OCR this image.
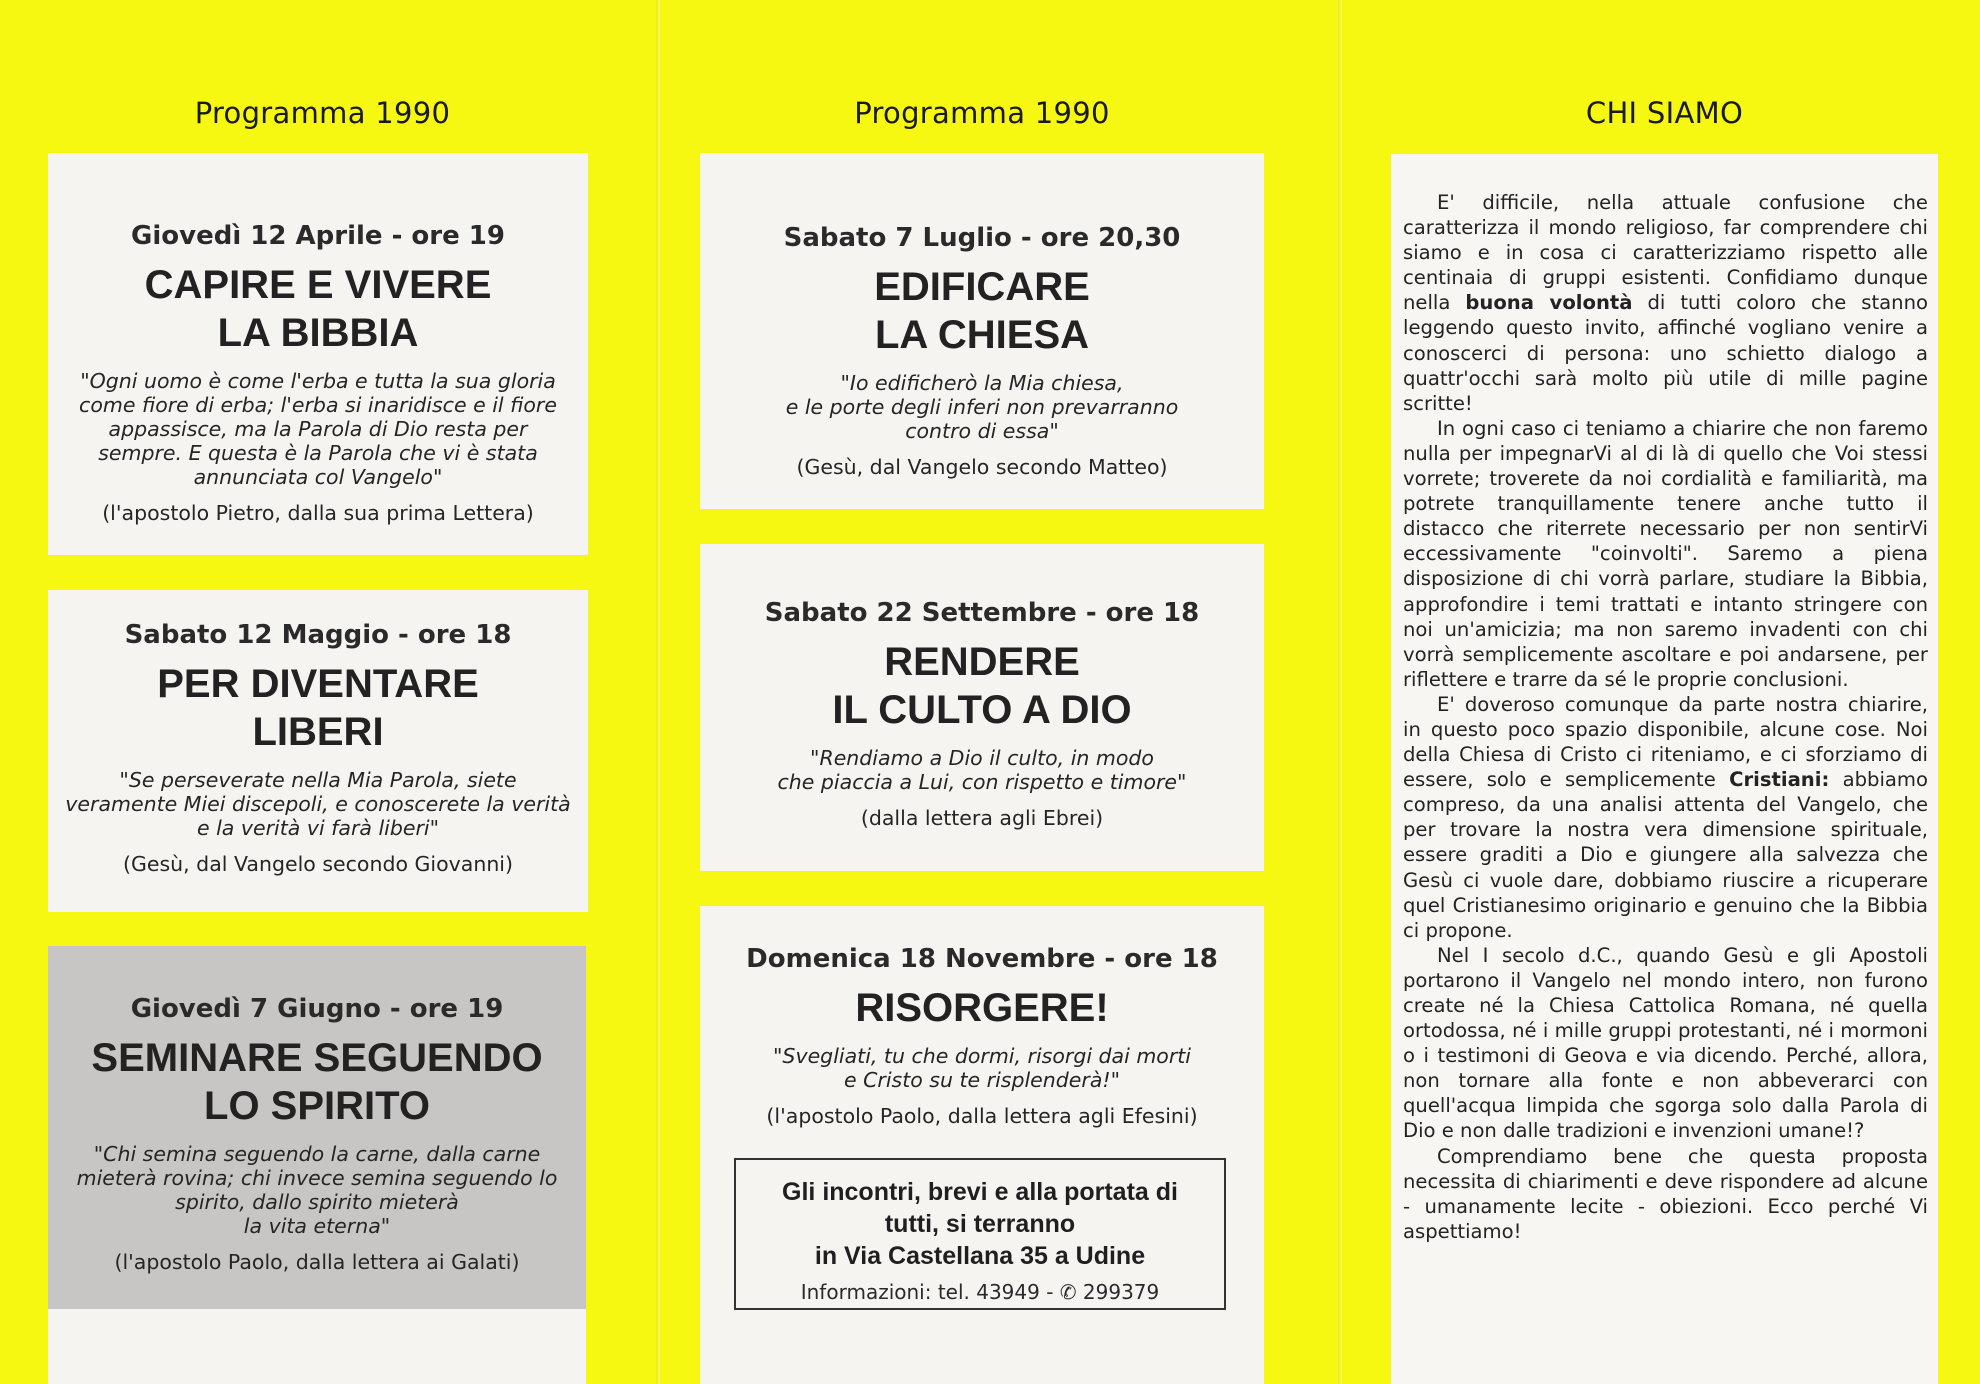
Programma 1990	Programma 1990	CHI SIAMO
Giovedì 12 Aprile - ore 19
CAPIRE E VIVERE
LA BIBBIA
"Ogni uomo è come l'erba e tutta la sua gloria
come fiore di erba; l'erba si inaridisce e il fiore
appassisce, ma la Parola di Dio resta per
sempre. E questa è la Parola che vi è stata
annunciata col Vangelo"
(l'apostolo Pietro, dalla sua prima Lettera)
Sabato 12 Maggio - ore 18
PER DIVENTARE
LIBERI
"Se perseverate nella Mia Parola, siete
veramente Miei discepoli, e conoscerete la verità
e la verità vi farà liberi"
(Gesù, dal Vangelo secondo Giovanni)
Giovedì 7 Giugno - ore 19
SEMINARE SEGUENDO
LO SPIRITO
"Chi semina seguendo la carne, dalla carne
mieterà rovina; chi invece semina seguendo lo
spirito, dallo spirito mieterà
la vita eterna"
(l'apostolo Paolo, dalla lettera ai Galati)
Sabato 7 Luglio - ore 20,30
EDIFICARE
LA CHIESA
"Io edificherò la Mia chiesa,
e le porte degli inferi non prevarranno
contro di essa"
(Gesù, dal Vangelo secondo Matteo)
Sabato 22 Settembre - ore 18
RENDERE
IL CULTO A DIO
"Rendiamo a Dio il culto, in modo
che piaccia a Lui, con rispetto e timore"
(dalla lettera agli Ebrei)
Domenica 18 Novembre - ore 18
RISORGERE!
"Svegliati, tu che dormi, risorgi dai morti
e Cristo su te risplenderà!"
(l'apostolo Paolo, dalla lettera agli Efesini)
Gli incontri, brevi e alla portata di
tutti, si terranno
in Via Castellana 35 a Udine
Informazioni: tel. 43949 - ✆ 299379

E' difficile, nella attuale confusione che caratterizza il mondo religioso, far comprendere chi siamo e in cosa ci caratterizziamo rispetto alle centinaia di gruppi esistenti. Confidiamo dunque nella buona volontà di tutti coloro che stanno leggendo questo invito, affinché vogliano venire a conoscerci di persona: uno schietto dialogo a quattr'occhi sarà molto più utile di mille pagine scritte!

In ogni caso ci teniamo a chiarire che non faremo nulla per impegnarVi al di là di quello che Voi stessi vorrete; troverete da noi cordialità e familiarità, ma potrete tranquillamente tenere anche tutto il distacco che riterrete necessario per non sentirVi eccessivamente "coinvolti". Saremo a piena disposizione di chi vorrà parlare, studiare la Bibbia, approfondire i temi trattati e intanto stringere con noi un'amicizia; ma non saremo invadenti con chi vorrà semplicemente ascoltare e poi andarsene, per riflettere e trarre da sé le proprie conclusioni.

E' doveroso comunque da parte nostra chiarire, in questo poco spazio disponibile, alcune cose. Noi della Chiesa di Cristo ci riteniamo, e ci sforziamo di essere, solo e semplicemente Cristiani: abbiamo compreso, da una analisi attenta del Vangelo, che per trovare la nostra vera dimensione spirituale, essere graditi a Dio e giungere alla salvezza che Gesù ci vuole dare, dobbiamo riuscire a ricuperare quel Cristianesimo originario e genuino che la Bibbia ci propone.

Nel I secolo d.C., quando Gesù e gli Apostoli portarono il Vangelo nel mondo intero, non furono create né la Chiesa Cattolica Romana, né quella ortodossa, né i mille gruppi protestanti, né i mormoni o i testimoni di Geova e via dicendo. Perché, allora, non tornare alla fonte e non abbeverarci con quell'acqua limpida che sgorga solo dalla Parola di Dio e non dalle tradizioni e invenzioni umane!?

Comprendiamo bene che questa proposta necessita di chiarimenti e deve rispondere ad alcune - umanamente lecite - obiezioni. Ecco perché Vi aspettiamo!
